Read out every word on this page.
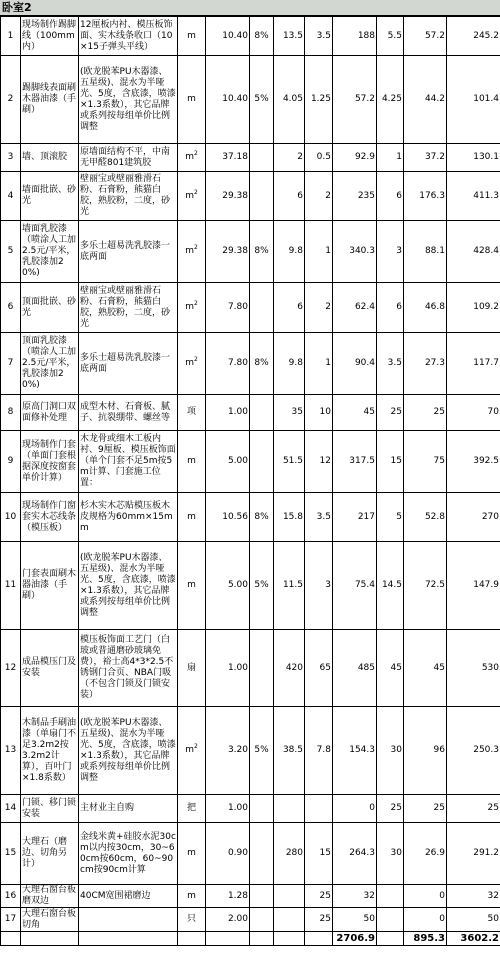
卧室2
1	现场制作踢脚线（100mm内）	12厘板内衬、模压板饰面、实木线条收口（10×15子弹头平线）	m	10.40	8%	13.5	3.5	188	5.5	57.2	245.2
2	踢脚线表面刷木器油漆（手刷）	(欧龙脱苯PU木器漆、五星级)、混水为半哑光、5度，含底漆，喷漆×1.3系数），其它品牌或系列按每组单价比例调整	m	10.40	5%	4.05	1.25	57.2	4.25	44.2	101.4
3	墙、顶滚胶	原墙面结构不平，中南无甲醛801建筑胶	$m^2$	37.18		2	0.5	92.9	1	37.2	130.1
4	墙面批嵌、砂光	壁丽宝或壁丽雅滑石粉、石膏粉，熊猫白胶，熟胶粉，二度，砂光	$m^2$	29.38		6	2	235	6	176.3	411.3
5	墙面乳胶漆（喷涂人工加2.5元/平米，乳胶漆加20%)	多乐士超易洗乳胶漆一底两面	$m^2$	29.38	8%	9.8	1	340.3	3	88.1	428.4
6	顶面批嵌、砂光	壁丽宝或壁丽雅滑石粉、石膏粉，熊猫白胶，熟胶粉，二度，砂光	$m^2$	7.80		6	2	62.4	6	46.8	109.2
7	顶面乳胶漆（喷涂人工加2.5元/平米，乳胶漆加20%)	多乐士超易洗乳胶漆一底两面	$m^2$	7.80	8%	9.8	1	90.4	3.5	27.3	117.7
8	原高门洞口双面修补处理	成型木材、石膏板、腻子、抗裂绷带、螺丝等	项	1.00		35	10	45	25	25	70
9	现场制作门套（单面门套根据深度按窗套单价计算）	木龙骨或细木工板内衬、9厘板、模压板饰面（单个门套不足5m按5m计算、门套施工位置：	m	5.00		51.5	12	317.5	15	75	392.5
10	现场制作门窗套实木芯线条（模压板）	杉木实木芯贴模压板木皮规格为60mm×15mm	m	10.56	8%	15.8	3.5	217	5	52.8	270
11	门套表面刷木器油漆（手刷）	(欧龙脱苯PU木器漆、五星级)、混水为半哑光、5度，含底漆，喷漆×1.3系数），其它品牌或系列按每组单价比例调整	m	5.00	5%	11.5	3	75.4	14.5	72.5	147.9
12	成品模压门及安装	模压板饰面工艺门（白玻或普通磨砂玻璃免费），裕士高4*3*2.5不锈钢门合页、NBA门吸（不包含门锁及门锁安装）	扇	1.00		420	65	485	45	45	530
13	木制品手刷油漆（单扇门不足3.2m2按3.2m2计算），百叶门×1.8系数）	(欧龙脱苯PU木器漆、五星级)、混水为半哑光、5度，含底漆，喷漆×1.3系数），其它品牌或系列按每组单价比例调整	$m^2$	3.20	5%	38.5	7.8	154.3	30	96	250.3
14	门锁、移门锁安装	主材业主自购	把	1.00				0	25	25	25
15	大理石（磨边、切角另计）	金线米黄+硅胶水泥30cm以内按30cm，30~60cm按60cm，60~90cm按90cm计算	m	0.90		280	15	264.3	30	26.9	291.2
16	大理石窗台板磨双边	40CM宽围裙磨边	m	1.28			25	32		0	32
17	大理石窗台板切角		只	2.00			25	50		0	50
								2706.9		895.3	3602.2
